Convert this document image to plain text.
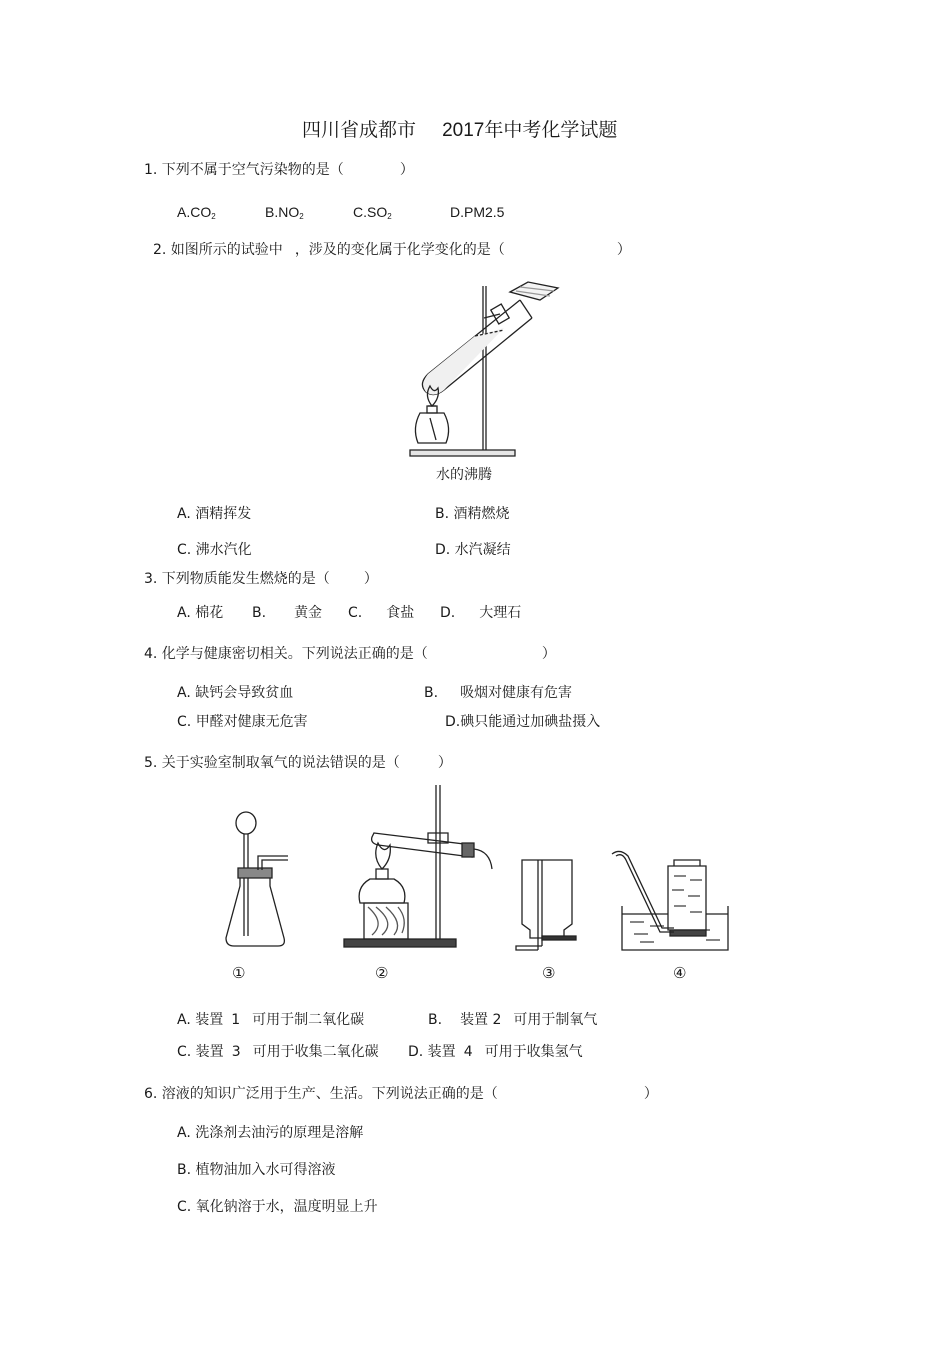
四川省成都市 2017年中考化学试题
1. 下列不属于空气污染物的是（	）
$A.CO_2$	$B.NO_2$	$C.SO_2$	D.PM2.5
2. 如图所示的试验中 ，涉及的变化属于化学变化的是（	）
水的沸腾
A. 酒精挥发	B. 酒精燃烧
C. 沸水汽化	D. 水汽凝结
3. 下列物质能发生燃烧的是（ ）
A. 棉花 B. 黄金 C. 食盐 D. 大理石
4. 化学与健康密切相关。下列说法正确的是（	）
A. 缺钙会导致贫血	B. 吸烟对健康有危害
C. 甲醛对健康无危害	D.碘只能通过加碘盐摄入
5. 关于实验室制取氧气的说法错误的是（	）
①	②	③	④
A. 装置 1 可用于制二氧化碳	B. 装置 2 可用于制氧气
C. 装置 3 可用于收集二氧化碳 D. 装置 4 可用于收集氢气
6. 溶液的知识广泛用于生产、生活。下列说法正确的是（	）
A. 洗涤剂去油污的原理是溶解
B. 植物油加入水可得溶液
C. 氧化钠溶于水，温度明显上升
